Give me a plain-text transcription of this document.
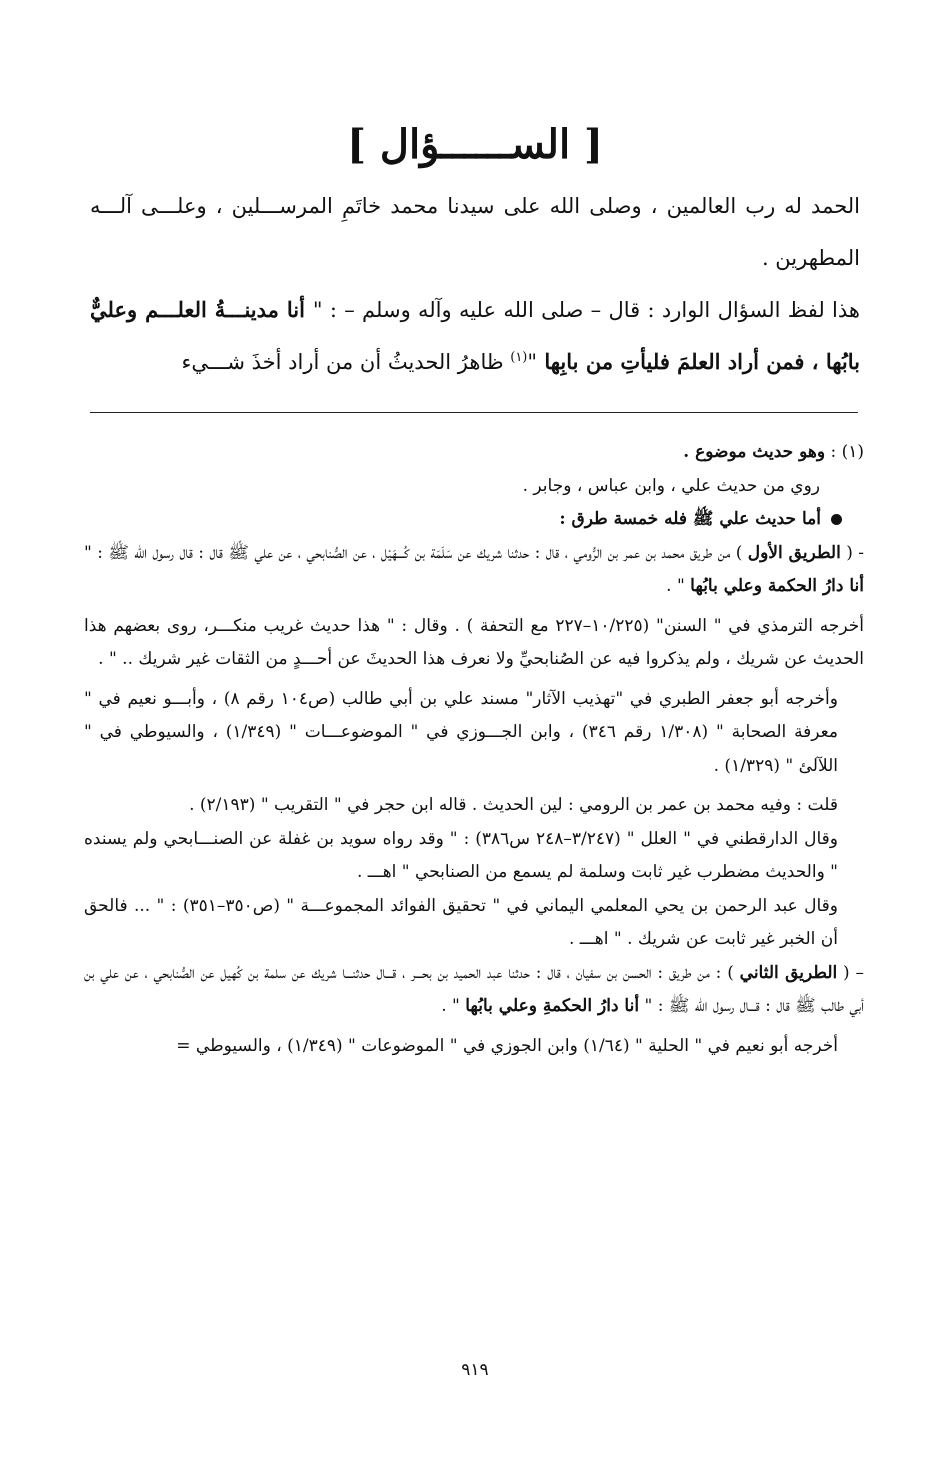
[ الســــــؤال ]

الحمد له رب العالمين ، وصلى الله على سيدنا محمد خاتَمِ المرســـلين ، وعلـــى آلـــه المطهرين .

هذا لفظ السؤال الوارد : قال – صلى الله عليه وآله وسلم – : " أنا مدينـــةُ العلـــم وعليٌّ بابُها ، فمن أراد العلمَ فليأتِ من بابِها "$^{(١)}$ ظاهرُ الحديثُ أن من أراد أخذَ شـــيء

(١) : وهو حديث موضوع .

روي من حديث علي ، وابن عباس ، وجابر .

أما حديث علي ﷺ فله خمسة طرق :

- ( الطريق الأول ) من طريق محمد بن عمر بن الرُّومي ، قال : حدثنا شريك عن سَلَمَة بن كُـــهَيْل ، عن الصُّنابحي ، عن علي ﷺ قال : قال رسول الله ﷺ : " أنا دارُ الحكمة وعلي بابُها " .

أخرجه الترمذي في " السنن" (١٠/٢٢٥–٢٢٧ مع التحفة ) . وقال : " هذا حديث غريب منكـــر، روى بعضهم هذا الحديث عن شريك ، ولم يذكروا فيه عن الصُنابحيِّ ولا نعرف هذا الحديثَ عن أحـــدٍ من الثقات غير شريك .. " .

وأخرجه أبو جعفر الطبري في "تهذيب الآثار" مسند علي بن أبي طالب (ص١٠٤ رقم ٨) ، وأبـــو نعيم في " معرفة الصحابة " (١/٣٠٨ رقم ٣٤٦) ، وابن الجـــوزي في " الموضوعـــات " (١/٣٤٩) ، والسيوطي في " اللآلئ " (١/٣٢٩) .

قلت : وفيه محمد بن عمر بن الرومي : لين الحديث . قاله ابن حجر في " التقريب " (٢/١٩٣) .

وقال الدارقطني في " العلل " (٣/٢٤٧–٢٤٨ س٣٨٦) : " وقد رواه سويد بن غفلة عن الصنـــابحي ولم يسنده " والحديث مضطرب غير ثابت وسلمة لم يسمع من الصنابحي " اهـــ .

وقال عبد الرحمن بن يحي المعلمي اليماني في " تحقيق الفوائد المجموعـــة " (ص٣٥٠–٣٥١) : " ... فالحق أن الخبر غير ثابت عن شريك . " اهـــ .

– ( الطريق الثاني ) : من طريق : الحسن بن سفيان ، قال : حدثنا عبد الحميد بن بحـــر ، قـــال حدثنـــا شريك عن سلمة بن كُهيل عن الصُّنابحي ، عن علي بن أبي طالب ﷺ قال : قـــال رسول الله ﷺ : " أنا دارُ الحكمةِ وعلي بابُها " .

أخرجه أبو نعيم في " الحلية " (١/٦٤) وابن الجوزي في " الموضوعات " (١/٣٤٩) ، والسيوطي =

٩١٩
